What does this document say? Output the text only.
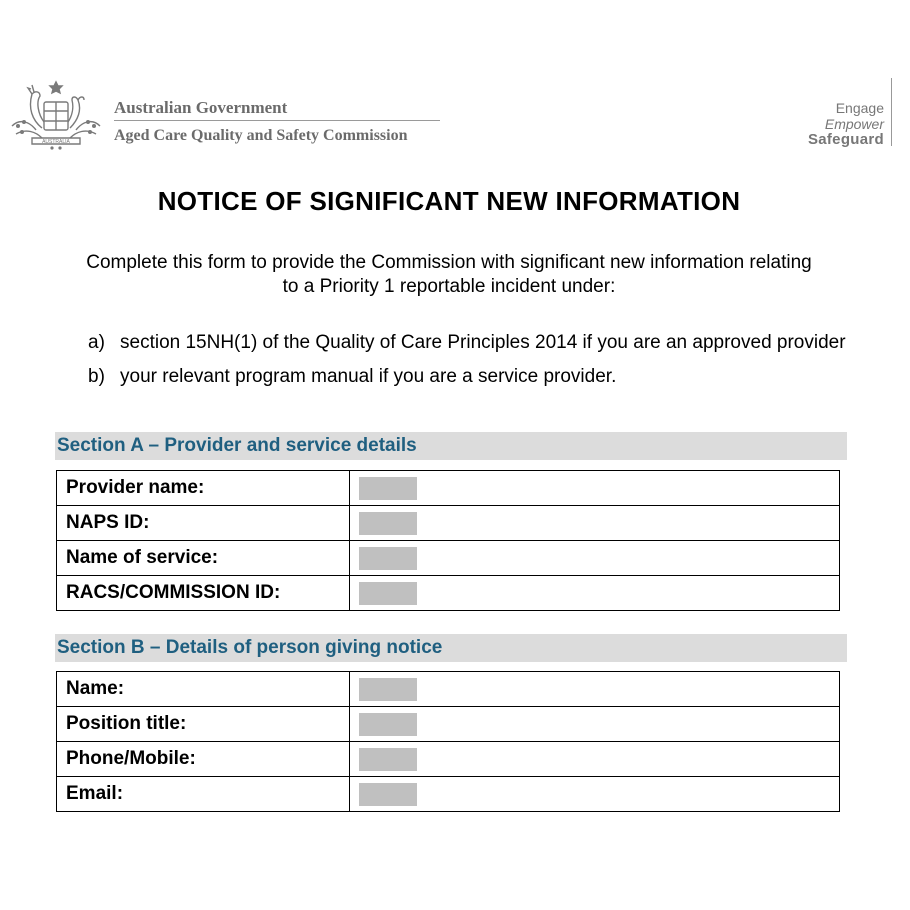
AUSTRALIA
Australian Government
Aged Care Quality and Safety Commission
Engage
Empower
Safeguard
NOTICE OF SIGNIFICANT NEW INFORMATION
Complete this form to provide the Commission with significant new information relating to a Priority 1 reportable incident under:
a) section 15NH(1) of the Quality of Care Principles 2014 if you are an approved provider
b) your relevant program manual if you are a service provider.
Section A – Provider and service details
Provider name:	
NAPS ID:	
Name of service:	
RACS/COMMISSION ID:	
Section B – Details of person giving notice
Name:	
Position title:	
Phone/Mobile:	
Email:	
